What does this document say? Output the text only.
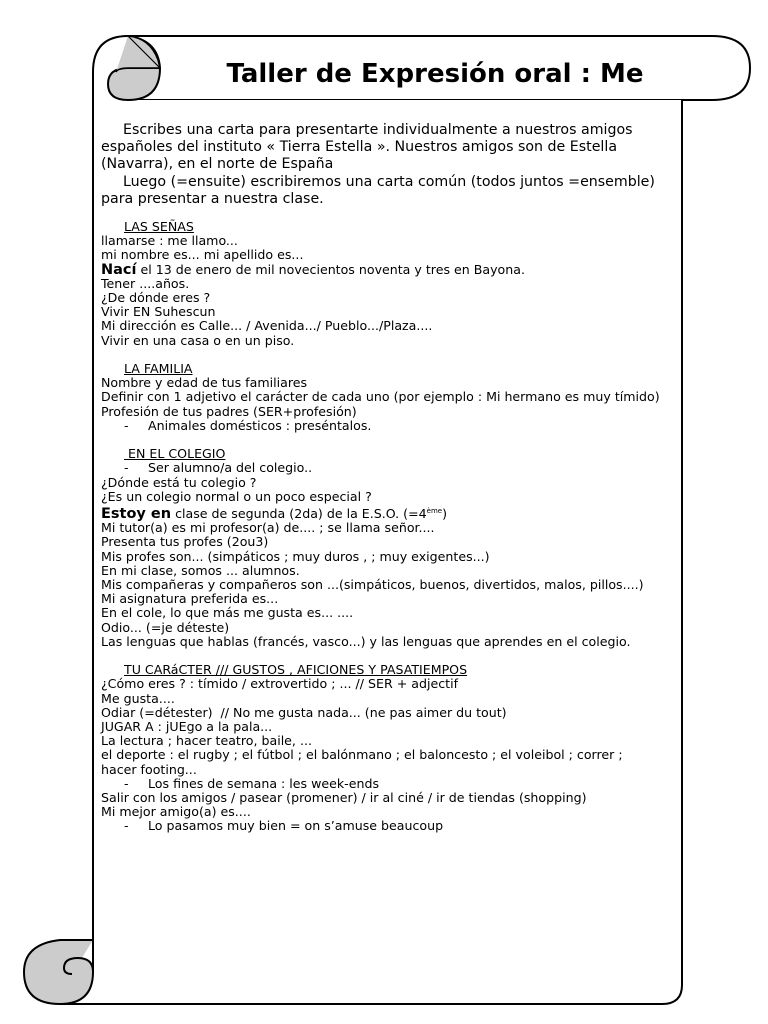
Taller de Expresión oral : Me

Escribes una carta para presentarte individualmente a nuestros amigos españoles del instituto « Tierra Estella ». Nuestros amigos son de Estella (Navarra), en el norte de España

Luego (=ensuite) escribiremos una carta común (todos juntos =ensemble) para presentar a nuestra clase.

LAS SEÑAS
llamarse : me llamo...
mi nombre es... mi apellido es...
Nací el 13 de enero de mil novecientos noventa y tres en Bayona.
Tener ....años.
¿De dónde eres ?
Vivir EN Suhescun
Mi dirección es Calle... / Avenida.../ Pueblo.../Plaza....
Vivir en una casa o en un piso.
LA FAMILIA
Nombre y edad de tus familiares
Definir con 1 adjetivo el carácter de cada uno (por ejemplo : Mi hermano es muy tímido)
Profesión de tus padres (SER+profesión)
- Animales domésticos : preséntalos.
EN EL COLEGIO
- Ser alumno/a del colegio..
¿Dónde está tu colegio ?
¿Es un colegio normal o un poco especial ?
Estoy en clase de segunda (2da) de la E.S.O. (=4ème)
Mi tutor(a) es mi profesor(a) de.... ; se llama señor....
Presenta tus profes (2ou3)
Mis profes son... (simpáticos ; muy duros , ; muy exigentes...)
En mi clase, somos ... alumnos.
Mis compañeras y compañeros son ...(simpáticos, buenos, divertidos, malos, pillos....)
Mi asignatura preferida es...
En el cole, lo que más me gusta es... ....
Odio... (=je déteste)
Las lenguas que hablas (francés, vasco...) y las lenguas que aprendes en el colegio.
TU CARáCTER /// GUSTOS , AFICIONES Y PASATIEMPOS
¿Cómo eres ? : tímido / extrovertido ; ... // SER + adjectif
Me gusta....
Odiar (=détester)  // No me gusta nada... (ne pas aimer du tout)
JUGAR A : jUEgo a la pala...
La lectura ; hacer teatro, baile, ...
el deporte : el rugby ; el fútbol ; el balónmano ; el baloncesto ; el voleibol ; correr ;
hacer footing...
- Los fines de semana : les week-ends
Salir con los amigos / pasear (promener) / ir al ciné / ir de tiendas (shopping)
Mi mejor amigo(a) es....
- Lo pasamos muy bien = on s’amuse beaucoup
